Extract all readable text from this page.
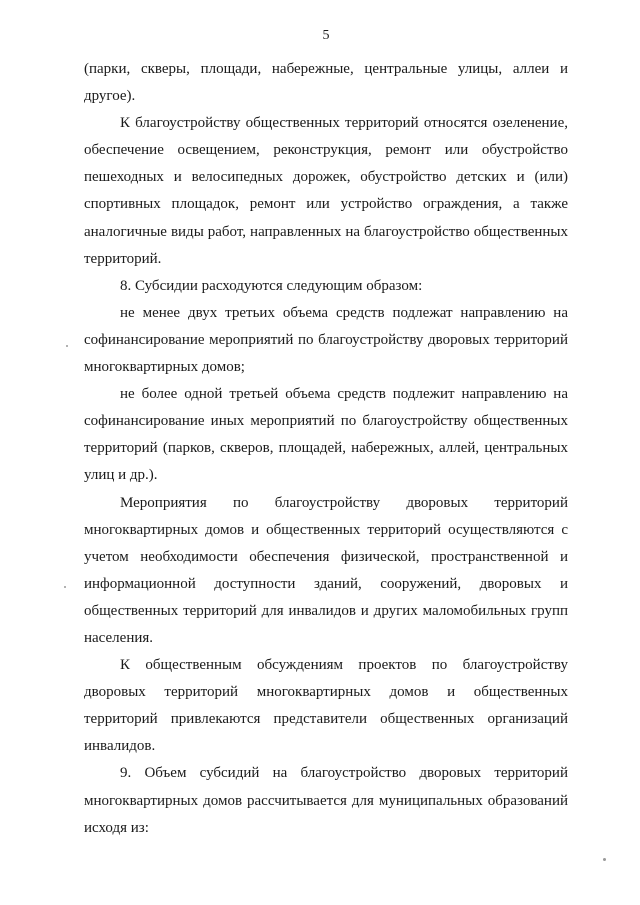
5

(парки, скверы, площади, набережные, центральные улицы, аллеи и другое).

К благоустройству общественных территорий относятся озеленение, обеспечение освещением, реконструкция, ремонт или обустройство пешеходных и велосипедных дорожек, обустройство детских и (или) спортивных площадок, ремонт или устройство ограждения, а также аналогичные виды работ, направленных на благоустройство общественных территорий.

8. Субсидии расходуются следующим образом:

не менее двух третьих объема средств подлежат направлению на софинансирование мероприятий по благоустройству дворовых территорий многоквартирных домов;

не более одной третьей объема средств подлежит направлению на софинансирование иных мероприятий по благоустройству общественных территорий (парков, скверов, площадей, набережных, аллей, центральных улиц и др.).

Мероприятия по благоустройству дворовых территорий многоквартирных домов и общественных территорий осуществляются с учетом необходимости обеспечения физической, пространственной и информационной доступности зданий, сооружений, дворовых и общественных территорий для инвалидов и других маломобильных групп населения.

К общественным обсуждениям проектов по благоустройству дворовых территорий многоквартирных домов и общественных территорий привлекаются представители общественных организаций инвалидов.

9. Объем субсидий на благоустройство дворовых территорий многоквартирных домов рассчитывается для муниципальных образований исходя из:
